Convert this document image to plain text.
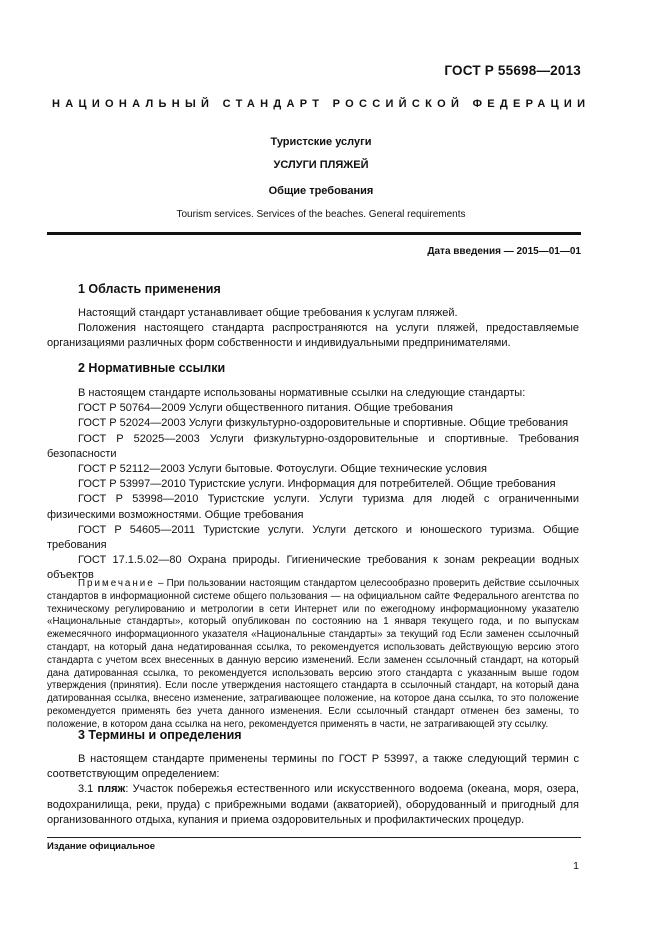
ГОСТ Р 55698—2013
НАЦИОНАЛЬНЫЙ СТАНДАРТ РОССИЙСКОЙ ФЕДЕРАЦИИ
Туристские услуги
УСЛУГИ ПЛЯЖЕЙ
Общие требования
Tourism services. Services of the beaches. General requirements
Дата введения — 2015—01—01
1 Область применения

Настоящий стандарт устанавливает общие требования к услугам пляжей.

Положения настоящего стандарта распространяются на услуги пляжей, предоставляемые организациями различных форм собственности и индивидуальными предпринимателями.

2 Нормативные ссылки

В настоящем стандарте использованы нормативные ссылки на следующие стандарты:

ГОСТ Р 50764—2009 Услуги общественного питания. Общие требования

ГОСТ Р 52024—2003 Услуги физкультурно-оздоровительные и спортивные. Общие требования

ГОСТ Р 52025—2003 Услуги физкультурно-оздоровительные и спортивные. Требования безопасности

ГОСТ Р 52112—2003 Услуги бытовые. Фотоуслуги. Общие технические условия

ГОСТ Р 53997—2010 Туристские услуги. Информация для потребителей. Общие требования

ГОСТ Р 53998—2010 Туристские услуги. Услуги туризма для людей с ограниченными физическими возможностями. Общие требования

ГОСТ Р 54605—2011 Туристские услуги. Услуги детского и юношеского туризма. Общие требования

ГОСТ 17.1.5.02—80 Охрана природы. Гигиенические требования к зонам рекреации водных объектов

Примечание – При пользовании настоящим стандартом целесообразно проверить действие ссылочных стандартов в информационной системе общего пользования — на официальном сайте Федерального агентства по техническому регулированию и метрологии в сети Интернет или по ежегодному информационному указателю «Национальные стандарты», который опубликован по состоянию на 1 января текущего года, и по выпускам ежемесячного информационного указателя «Национальные стандарты» за текущий год Если заменен ссылочный стандарт, на который дана недатированная ссылка, то рекомендуется использовать действующую версию этого стандарта с учетом всех внесенных в данную версию изменений. Если заменен ссылочный стандарт, на который дана датированная ссылка, то рекомендуется использовать версию этого стандарта с указанным выше годом утверждения (принятия). Если после утверждения настоящего стандарта в ссылочный стандарт, на который дана датированная ссылка, внесено изменение, затрагивающее положение, на которое дана ссылка, то это положение рекомендуется применять без учета данного изменения. Если ссылочный стандарт отменен без замены, то положение, в котором дана ссылка на него, рекомендуется применять в части, не затрагивающей эту ссылку.

3 Термины и определения

В настоящем стандарте применены термины по ГОСТ Р 53997, а также следующий термин с соответствующим определением:

3.1 пляж: Участок побережья естественного или искусственного водоема (океана, моря, озера, водохранилища, реки, пруда) с прибрежными водами (акваторией), оборудованный и пригодный для организованного отдыха, купания и приема оздоровительных и профилактических процедур.

Издание официальное
1
